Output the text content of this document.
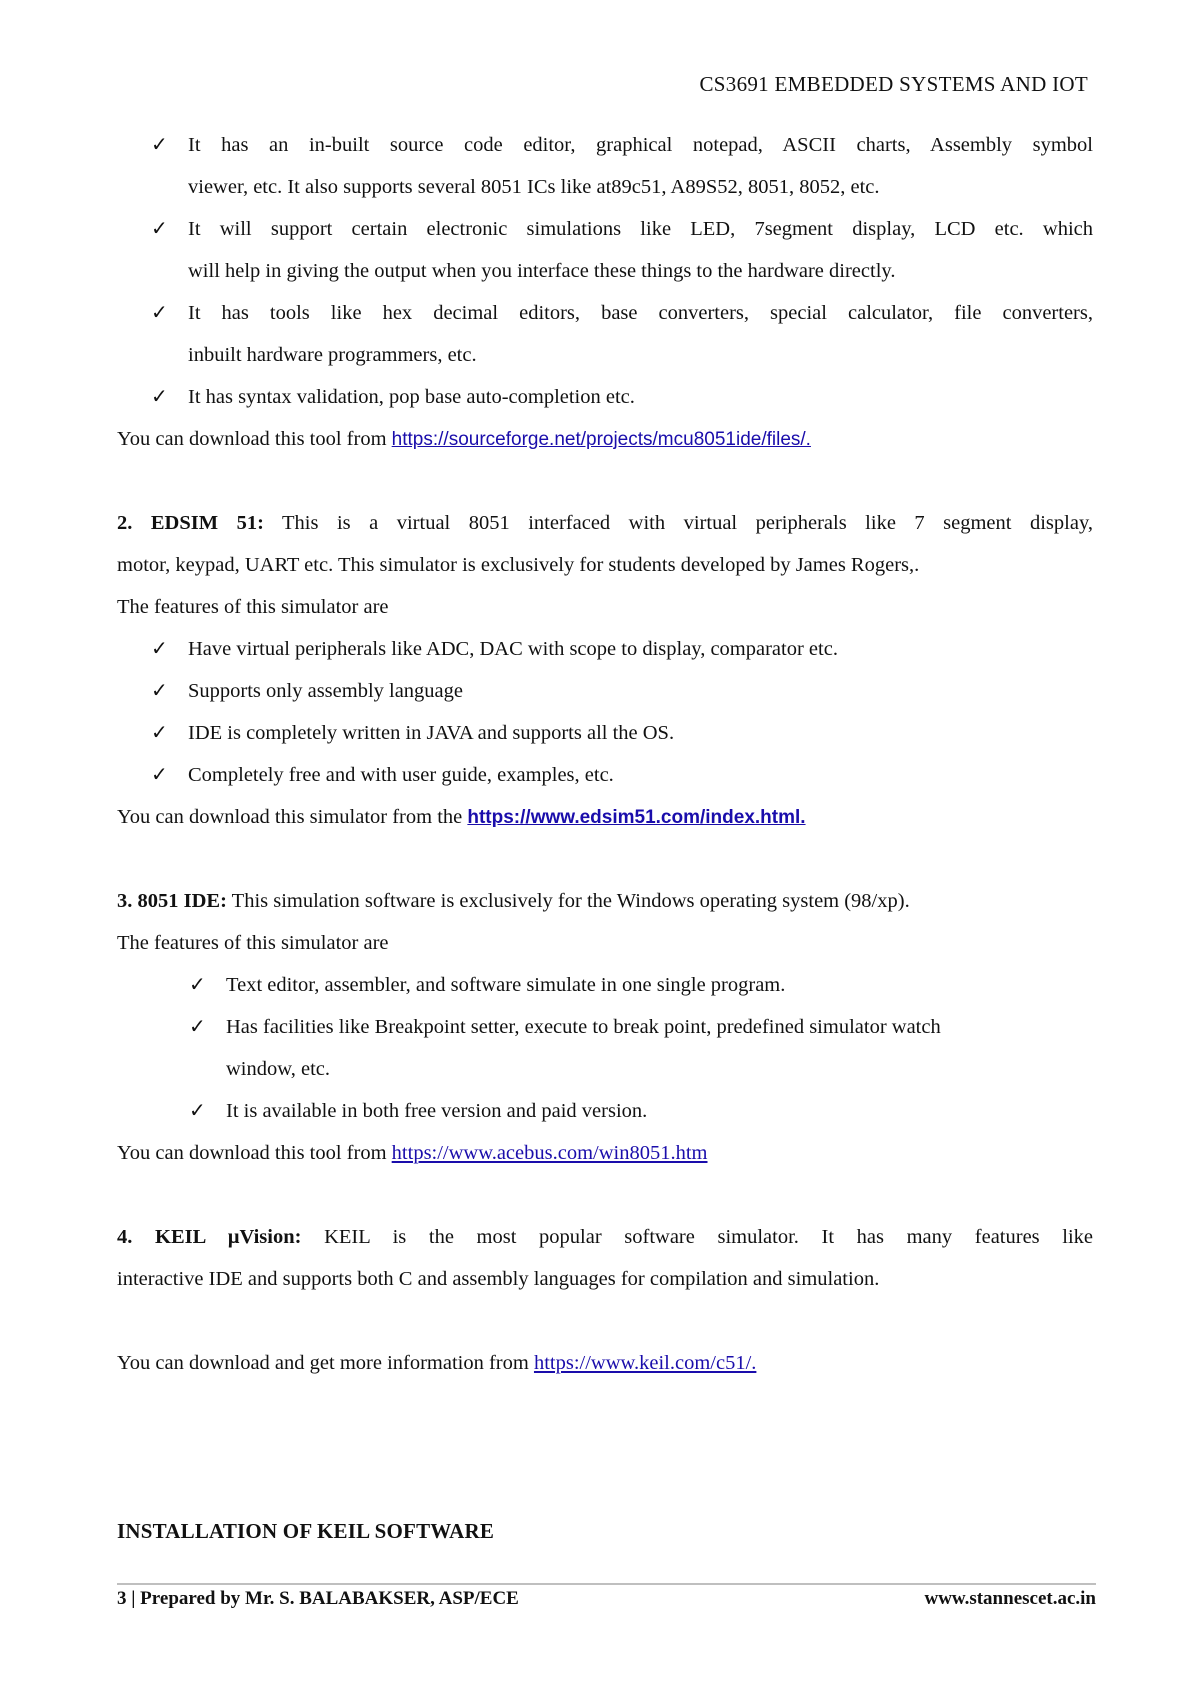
CS3691 EMBEDDED SYSTEMS AND IOT
✓ It has an in-built source code editor, graphical notepad, ASCII charts, Assembly symbol
viewer, etc. It also supports several 8051 ICs like at89c51, A89S52, 8051, 8052, etc.
✓ It will support certain electronic simulations like LED, 7segment display, LCD etc. which
will help in giving the output when you interface these things to the hardware directly.
✓ It has tools like hex decimal editors, base converters, special calculator, file converters,
inbuilt hardware programmers, etc.
✓ It has syntax validation, pop base auto-completion etc.
You can download this tool from https://sourceforge.net/projects/mcu8051ide/files/.
2. EDSIM 51: This is a virtual 8051 interfaced with virtual peripherals like 7 segment display,
motor, keypad, UART etc. This simulator is exclusively for students developed by James Rogers,.
The features of this simulator are
✓ Have virtual peripherals like ADC, DAC with scope to display, comparator etc.
✓ Supports only assembly language
✓ IDE is completely written in JAVA and supports all the OS.
✓ Completely free and with user guide, examples, etc.
You can download this simulator from the https://www.edsim51.com/index.html.
3. 8051 IDE: This simulation software is exclusively for the Windows operating system (98/xp).
The features of this simulator are
✓ Text editor, assembler, and software simulate in one single program.
✓ Has facilities like Breakpoint setter, execute to break point, predefined simulator watch
window, etc.
✓ It is available in both free version and paid version.
You can download this tool from https://www.acebus.com/win8051.htm
4. KEIL µVision: KEIL is the most popular software simulator. It has many features like
interactive IDE and supports both C and assembly languages for compilation and simulation.
You can download and get more information from https://www.keil.com/c51/.
INSTALLATION OF KEIL SOFTWARE
3 | Prepared by Mr. S. BALABAKSER, ASP/ECE	www.stannescet.ac.in
